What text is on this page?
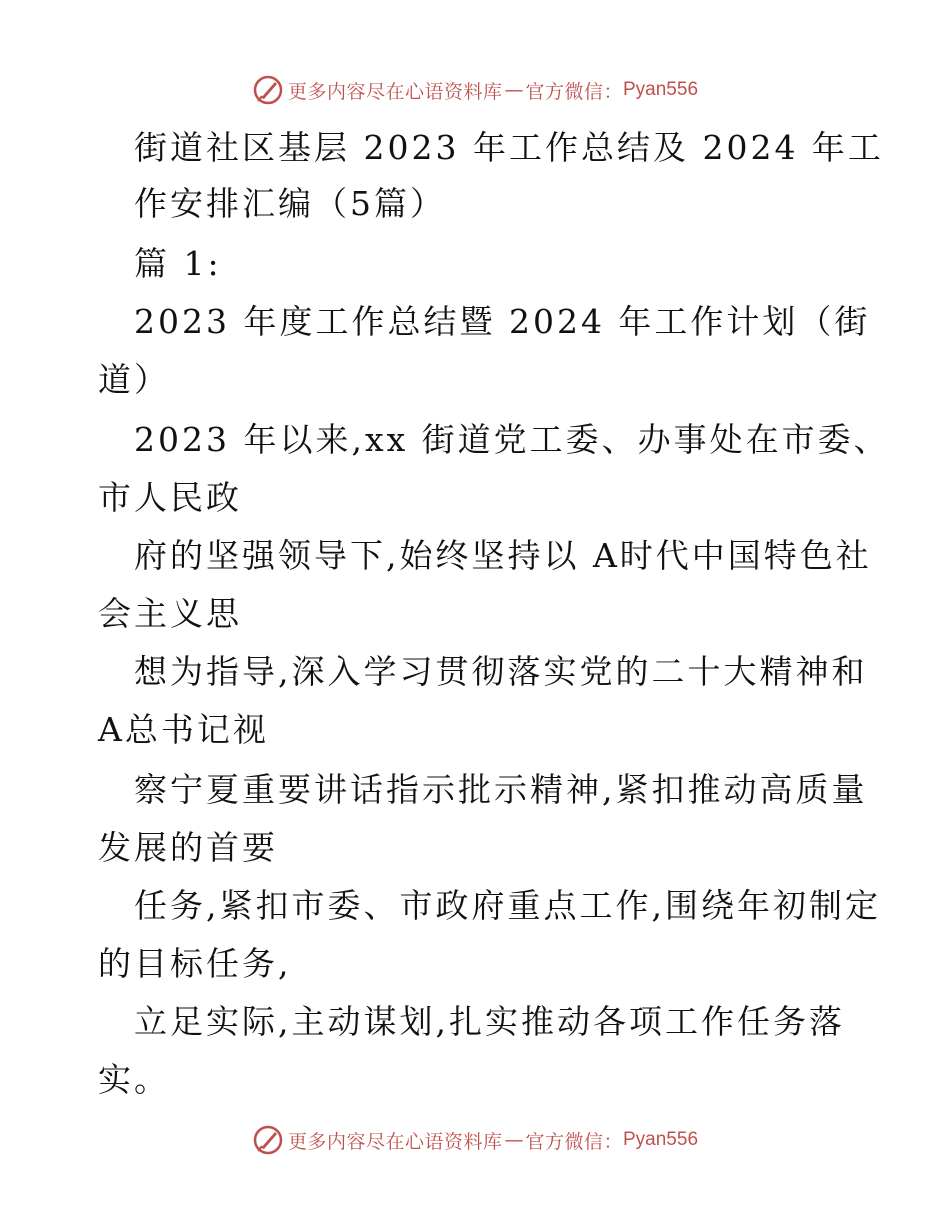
更多内容尽在心语资料库 — 官方微信： Pyan556
街道社区基层 2023 年工作总结及 2024 年工
作安排汇编（5篇）
篇 1:
2023 年度工作总结暨 2024 年工作计划（街
道）
2023 年以来,xx 街道党工委、办事处在市委、
市人民政
府的坚强领导下,始终坚持以 A时代中国特色社
会主义思
想为指导,深入学习贯彻落实党的二十大精神和
A总书记视
察宁夏重要讲话指示批示精神,紧扣推动高质量
发展的首要
任务,紧扣市委、市政府重点工作,围绕年初制定
的目标任务,
立足实际,主动谋划,扎实推动各项工作任务落
实。
更多内容尽在心语资料库 — 官方微信： Pyan556
